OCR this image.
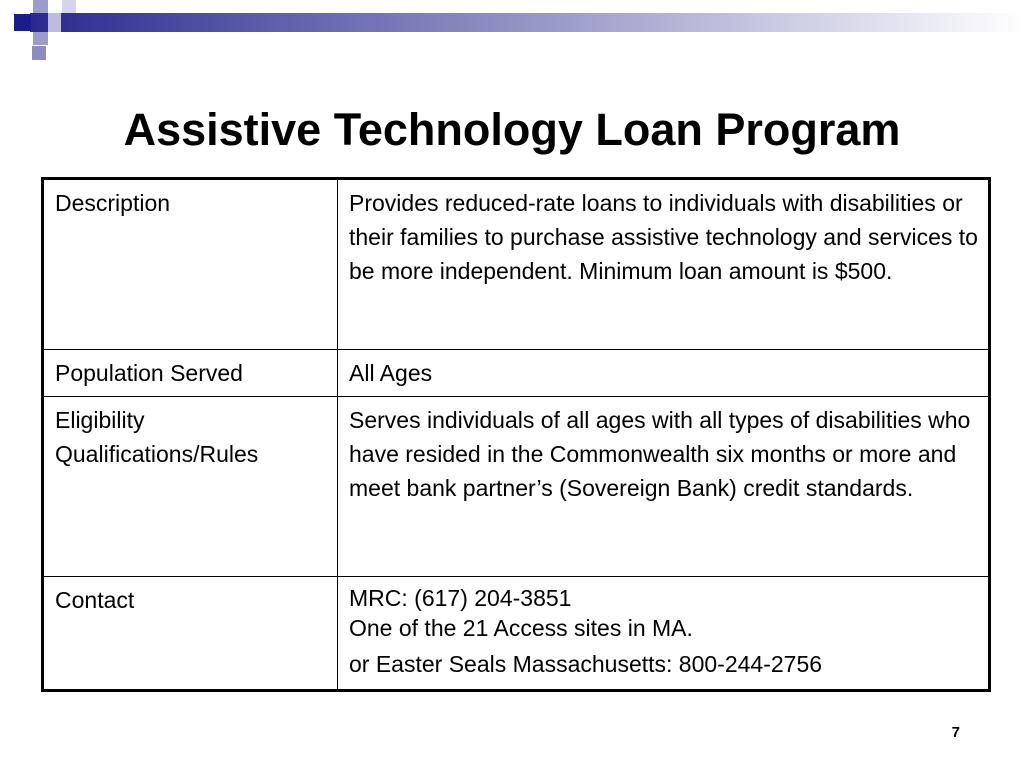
Assistive Technology Loan Program
Description	Provides reduced-rate loans to individuals with disabilities or their families to purchase assistive technology and services to be more independent. Minimum loan amount is $500.
Population Served	All Ages
Eligibility Qualifications/Rules	Serves individuals of all ages with all types of disabilities who have resided in the Commonwealth six months or more and meet bank partner’s (Sovereign Bank) credit standards.
Contact	MRC: (617) 204-3851
One of the 21 Access sites in MA.
or Easter Seals Massachusetts: 800-244-2756
7
